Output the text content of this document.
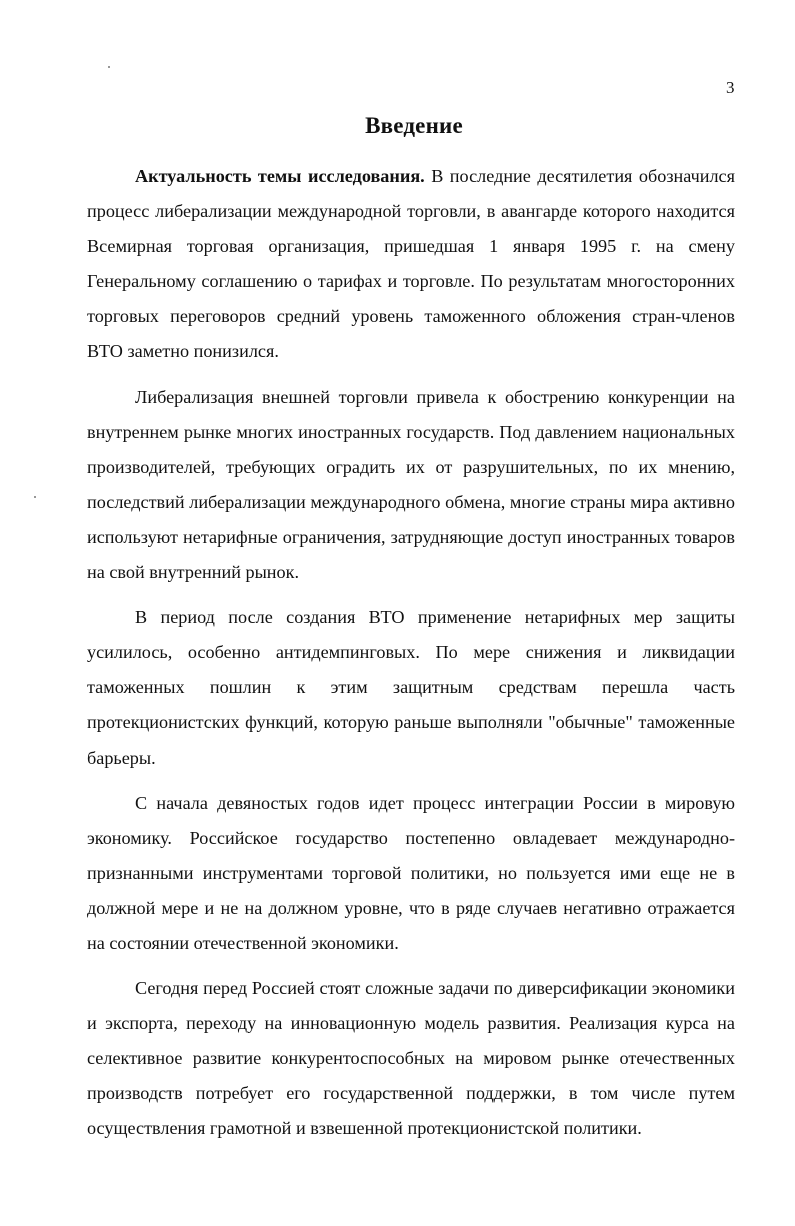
3
Введение

Актуальность темы исследования. В последние десятилетия обозначился процесс либерализации международной торговли, в авангарде которого находится Всемирная торговая организация, пришедшая 1 января 1995 г. на смену Генеральному соглашению о тарифах и торговле. По результатам многосторонних торговых переговоров средний уровень таможенного обложения стран-членов ВТО заметно понизился.

Либерализация внешней торговли привела к обострению конкуренции на внутреннем рынке многих иностранных государств. Под давлением национальных производителей, требующих оградить их от разрушительных, по их мнению, последствий либерализации международного обмена, многие страны мира активно используют нетарифные ограничения, затрудняющие доступ иностранных товаров на свой внутренний рынок.

В период после создания ВТО применение нетарифных мер защиты усилилось, особенно антидемпинговых. По мере снижения и ликвидации таможенных пошлин к этим защитным средствам перешла часть протекционистских функций, которую раньше выполняли "обычные" таможенные барьеры.

С начала девяностых годов идет процесс интеграции России в мировую экономику. Российское государство постепенно овладевает международно-признанными инструментами торговой политики, но пользуется ими еще не в должной мере и не на должном уровне, что в ряде случаев негативно отражается на состоянии отечественной экономики.

Сегодня перед Россией стоят сложные задачи по диверсификации экономики и экспорта, переходу на инновационную модель развития. Реализация курса на селективное развитие конкурентоспособных на мировом рынке отечественных производств потребует его государственной поддержки, в том числе путем осуществления грамотной и взвешенной протекционистской политики.
